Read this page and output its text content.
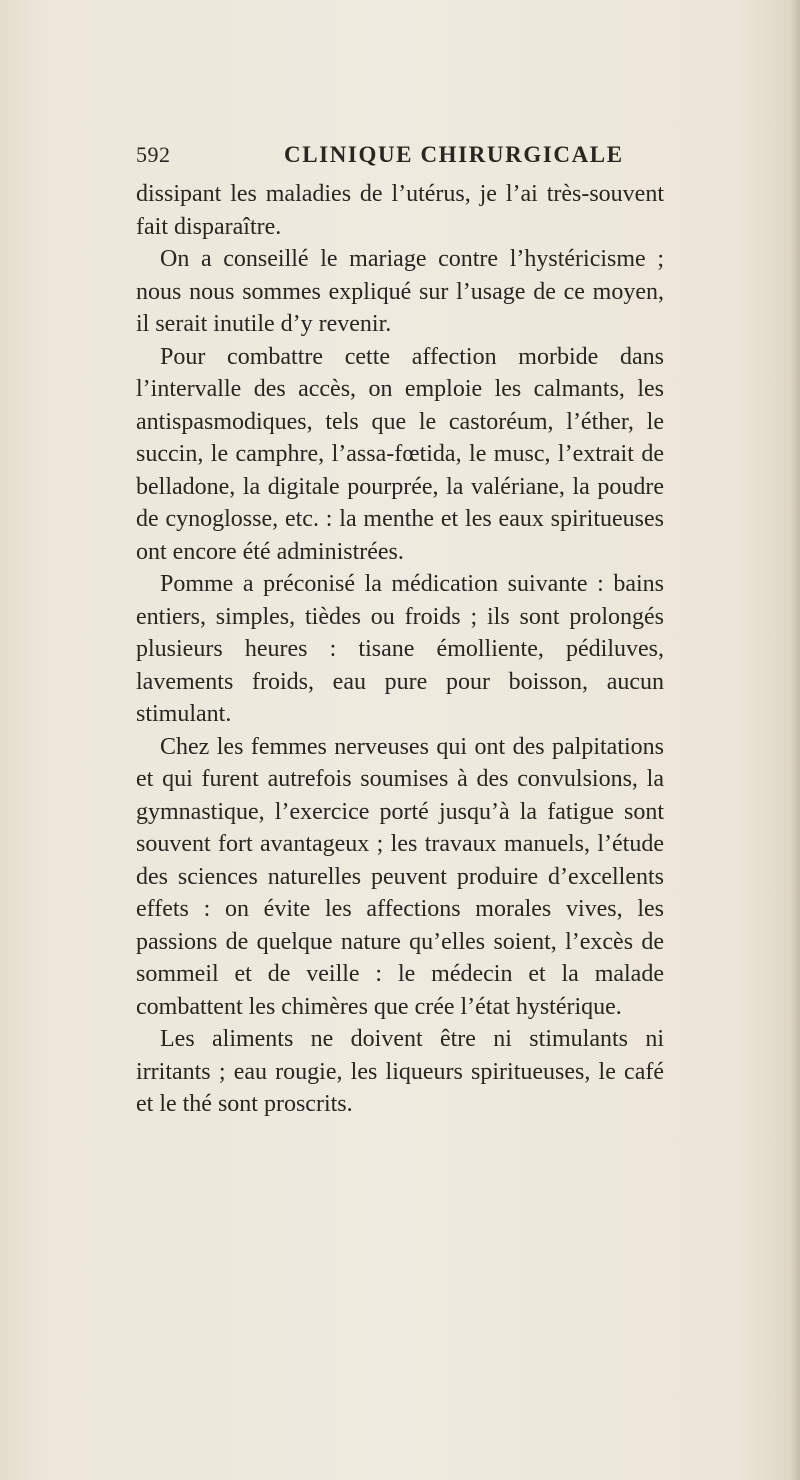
592	CLINIQUE CHIRURGICALE

dissipant les maladies de l’utérus, je l’ai très-souvent fait disparaître.

On a conseillé le mariage contre l’hystéricisme ; nous nous sommes expliqué sur l’usage de ce moyen, il serait inutile d’y revenir.

Pour combattre cette affection morbide dans l’intervalle des accès, on emploie les calmants, les antispasmodiques, tels que le castoréum, l’éther, le succin, le camphre, l’assa-fœtida, le musc, l’extrait de belladone, la digitale pourprée, la valériane, la poudre de cynoglosse, etc. : la menthe et les eaux spiritueuses ont encore été administrées.

Pomme a préconisé la médication suivante : bains entiers, simples, tièdes ou froids ; ils sont prolongés plusieurs heures : tisane émolliente, pédiluves, lavements froids, eau pure pour boisson, aucun stimulant.

Chez les femmes nerveuses qui ont des palpitations et qui furent autrefois soumises à des convulsions, la gymnastique, l’exercice porté jusqu’à la fatigue sont souvent fort avantageux ; les travaux manuels, l’étude des sciences naturelles peuvent produire d’excellents effets : on évite les affections morales vives, les passions de quelque nature qu’elles soient, l’excès de sommeil et de veille : le médecin et la malade combattent les chimères que crée l’état hystérique.

Les aliments ne doivent être ni stimulants ni irritants ; eau rougie, les liqueurs spiritueuses, le café et le thé sont proscrits.
